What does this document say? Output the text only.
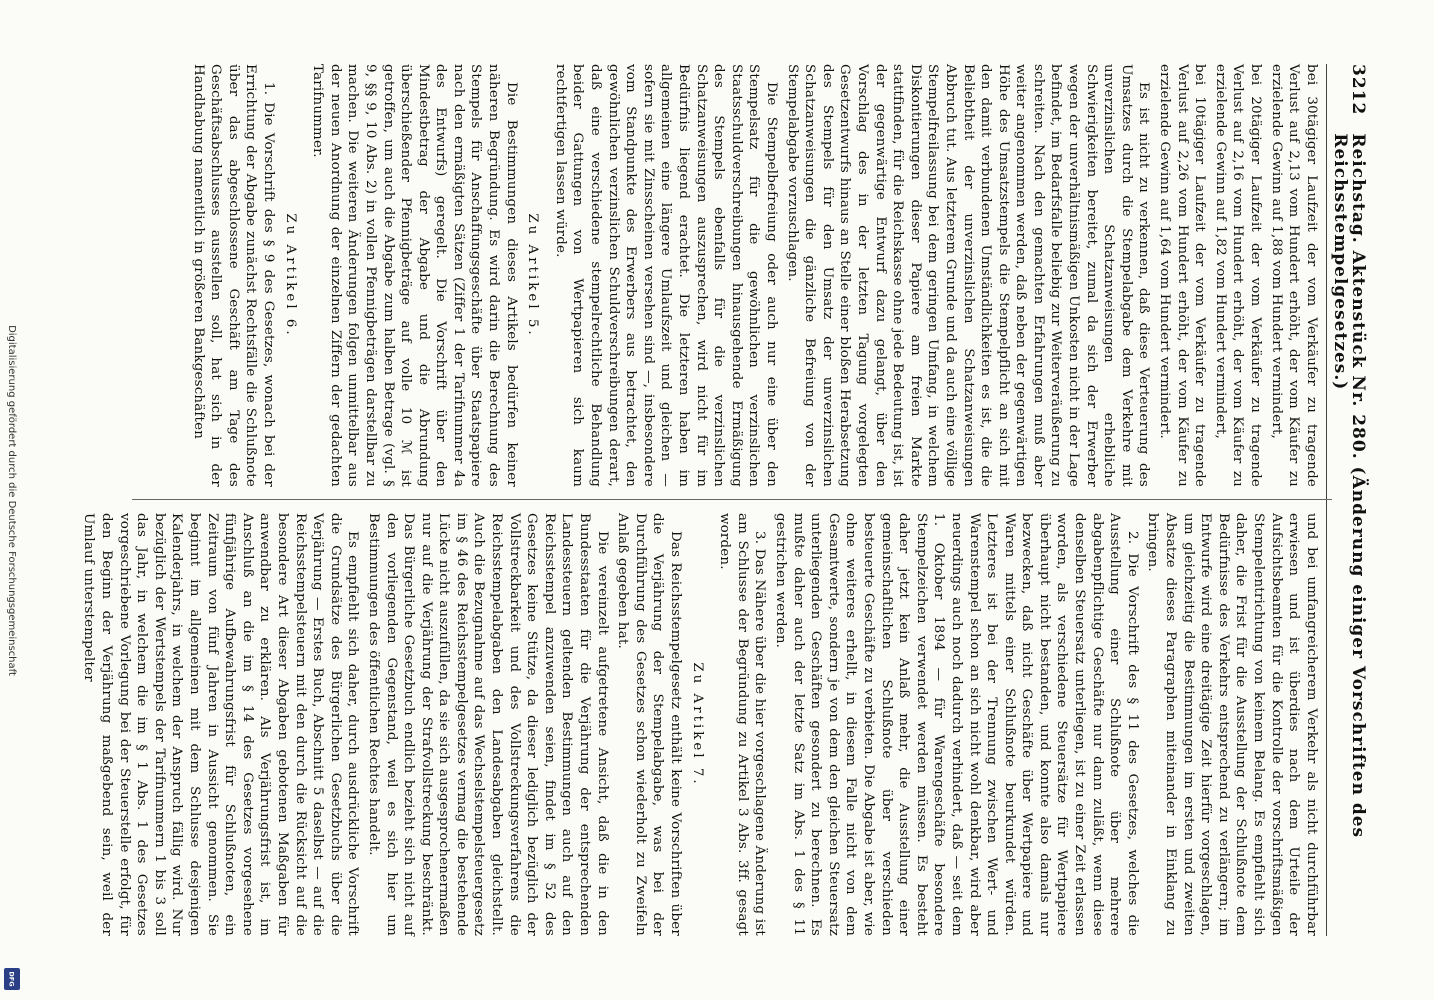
Digitalisierung gefördert durch die Deutsche Forschungsgemeinschaft
DFG
3212
Reichstag. Aktenstück Nr. 280. (Änderung einiger Vorschriften des Reichsstempelgesetzes.)

bei 30tägiger Laufzeit der vom Verkäufer zu tragende Verlust auf 2,13 vom Hundert erhöht, der vom Käufer zu erzielende Gewinn auf 1,88 vom Hundert vermindert,

bei 20tägiger Laufzeit der vom Verkäufer zu tragende Verlust auf 2,16 vom Hundert erhöht, der vom Käufer zu erzielende Gewinn auf 1,82 vom Hundert vermindert,

bei 10tägiger Laufzeit der vom Verkäufer zu tragende Verlust auf 2,26 vom Hundert erhöht, der vom Käufer zu erzielende Gewinn auf 1,64 vom Hundert vermindert.

Es ist nicht zu verkennen, daß diese Verteuerung des Umsatzes durch die Stempelabgabe dem Verkehre mit unverzinslichen Schatzanweisungen erhebliche Schwierigkeiten bereitet, zumal da sich der Erwerber wegen der unverhältnismäßigen Unkosten nicht in der Lage befindet, im Bedarfsfalle beliebig zur Weiterveräußerung zu schreiten. Nach den gemachten Erfahrungen muß aber weiter angenommen werden, daß neben der gegenwärtigen Höhe des Umsatzstempels die Stempelpflicht an sich mit den damit verbundenen Umständlichkeiten es ist, die die Beliebtheit der unverzinslichen Schatzanweisungen Abbruch tut. Aus letzterem Grunde und da auch eine völlige Stempelfreilassung bei dem geringen Umfang, in welchem Diskontierungen dieser Papiere am freien Markte stattfinden, für die Reichskasse ohne jede Bedeutung ist, ist der gegenwärtige Entwurf dazu gelangt, über den Vorschlag des in der letzten Tagung vorgelegten Gesetzentwurfs hinaus an Stelle einer bloßen Herabsetzung des Stempels für den Umsatz der unverzinslichen Schatzanweisungen die gänzliche Befreiung von der Stempelabgabe vorzuschlagen.

Die Stempelbefreiung oder auch nur eine über den Stempelsatz für die gewöhnlichen verzinslichen Staatsschuldverschreibungen hinausgehende Ermäßigung des Stempels ebenfalls für die verzinslichen Schatzanweisungen auszusprechen, wird nicht für im Bedürfnis liegend erachtet. Die letzteren haben im allgemeinen eine längere Umlaufszeit und gleichen — sofern sie mit Zinsscheinen versehen sind —, insbesondere vom Standpunkte des Erwerbers aus betrachtet, den gewöhnlichen verzinslichen Schuldverschreibungen derart, daß eine verschiedene stempelrechtliche Behandlung beider Gattungen von Wertpapieren sich kaum rechtfertigen lassen würde.

Zu Artikel 5.

Die Bestimmungen dieses Artikels bedürfen keiner näheren Begründung. Es wird darin die Berechnung des Stempels für Anschaffungsgeschäfte über Staatspapiere nach den ermäßigten Sätzen (Ziffer 1 der Tarifnummer 4a des Entwurfs) geregelt. Die Vorschrift über den Mindestbetrag der Abgabe und die Abrundung überschießender Pfennigbeträge auf volle 10 ℳ ist getroffen, um auch die Abgabe zum halben Betrage (vgl. § 9, §§ 9, 10 Abs. 2) in vollen Pfennigbeträgen darstellbar zu machen. Die weiteren Änderungen folgen unmittelbar aus der neuen Anordnung der einzelnen Ziffern der gedachten Tarifnummer.

Zu Artikel 6.

1. Die Vorschrift des § 9 des Gesetzes, wonach bei der Errichtung der Abgabe zunächst Rechtsfälle die Schlußnote über das abgeschlossene Geschäft am Tage des Geschäftsabschlusses ausstellen soll, hat sich in der Handhabung namentlich in größeren Bankgeschäften

und bei umfangreicherem Verkehr als nicht durchführbar erwiesen und ist überdies nach dem Urteile der Aufsichtsbeamten für die Kontrolle der vorschriftsmäßigen Stempelentrichtung von keinem Belang. Es empfiehlt sich daher, die Frist für die Ausstellung der Schlußnote dem Bedürfnisse des Verkehrs entsprechend zu verlängern; im Entwurfe wird eine dreitägige Zeit hierfür vorgeschlagen, um gleichzeitig die Bestimmungen im ersten und zweiten Absatze dieses Paragraphen miteinander in Einklang zu bringen.

2. Die Vorschrift des § 11 des Gesetzes, welches die Ausstellung einer Schlußnote über mehrere abgabenpflichtige Geschäfte nur dann zuläßt, wenn diese denselben Steuersatz unterliegen, ist zu einer Zeit erlassen worden, als verschiedene Steuersätze für Wertpapiere überhaupt nicht bestanden, und konnte also damals nur bezwecken, daß nicht Geschäfte über Wertpapiere und Waren mittels einer Schlußnote beurkundet würden. Letzteres ist bei der Trennung zwischen Wert- und Warenstempel schon an sich nicht wohl denkbar, wird aber neuerdings auch noch dadurch verhindert, daß — seit dem 1. Oktober 1894 — für Warengeschäfte besondere Stempelzeichen verwendet werden müssen. Es besteht daher jetzt kein Anlaß mehr, die Ausstellung einer gemeinschaftlichen Schlußnote über verschieden besteuerte Geschäfte zu verbieten. Die Abgabe ist aber, wie ohne weiteres erhellt, in diesem Falle nicht von dem Gesamtwerte, sondern je von dem den gleichen Steuersatz unterliegenden Geschäften gesondert zu berechnen. Es mußte daher auch der letzte Satz im Abs. 1 des § 11 gestrichen werden.

3. Das Nähere über die hier vorgeschlagene Änderung ist am Schlusse der Begründung zu Artikel 3 Abs. 3ff. gesagt worden.

Zu Artikel 7.

Das Reichsstempelgesetz enthält keine Vorschriften über die Verjährung der Stempelabgabe, was bei der Durchführung des Gesetzes schon wiederholt zu Zweifeln Anlaß gegeben hat.

Die vereinzelt aufgetretene Ansicht, daß die in den Bundesstaaten für die Verjährung der entsprechenden Landessteuern geltenden Bestimmungen auch auf den Reichsstempel anzuwenden seien, findet im § 52 des Gesetzes keine Stütze, da dieser lediglich bezüglich der Vollstreckbarkeit und des Vollstreckungsverfahrens die Reichsstempelabgaben den Landesabgaben gleichstellt. Auch die Bezugnahme auf das Wechselstempelsteuergesetz im § 46 des Reichsstempelgesetzes vermag die bestehende Lücke nicht auszufüllen, da sie sich ausgesprochenermaßen nur auf die Verjährung der Strafvollstreckung beschränkt. Das Bürgerliche Gesetzbuch endlich bezieht sich nicht auf den vorliegenden Gegenstand, weil es sich hier um Bestimmungen des öffentlichen Rechtes handelt.

Es empfiehlt sich daher, durch ausdrückliche Vorschrift die Grundsätze des Bürgerlichen Gesetzbuchs über die Verjährung — Erstes Buch, Abschnitt 5 daselbst — auf die Reichsstempelsteuern mit den durch die Rücksicht auf die besondere Art dieser Abgaben gebotenen Maßgaben für anwendbar zu erklären. Als Verjährungsfrist ist, im Anschluß an die im § 14 des Gesetzes vorgesehene fünfjährige Aufbewahrungsfrist für Schlußnoten, ein Zeitraum von fünf Jahren in Aussicht genommen. Sie beginnt im allgemeinen mit dem Schlusse desjenigen Kalenderjahrs, in welchem der Anspruch fällig wird. Nur bezüglich der Wertstempels der Tarifnummern 1 bis 3 soll das Jahr, in welchem die im § 1 Abs. 1 des Gesetzes vorgeschriebene Vorlegung bei der Steuerstelle erfolgt, für den Beginn der Verjährung maßgebend sein, weil der Umlauf unterstempelter
